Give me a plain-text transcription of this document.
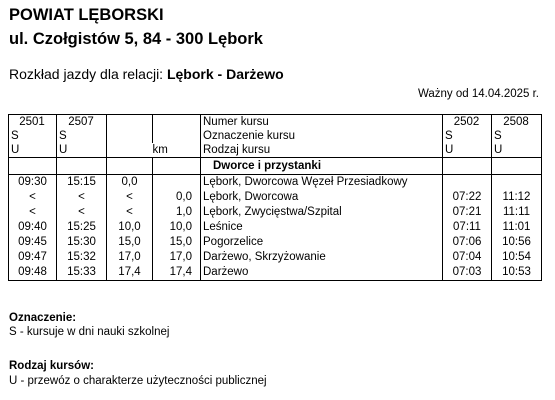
POWIAT LĘBORSKI
ul. Czołgistów 5, 84 - 300 Lębork
Rozkład jazdy dla relacji: Lębork - Darżewo
Ważny od 14.04.2025 r.
2501	2507			Numer kursu	2502	2508
S	S			Oznaczenie kursu	S	S
U	U		km	Rodzaj kursu	U	U
				Dworce i przystanki		
09:30	15:15	0,0		Lębork, Dworcowa Węzeł Przesiadkowy		
<	<	<	0,0	Lębork, Dworcowa	07:22	11:12
<	<	<	1,0	Lębork, Zwycięstwa/Szpital	07:21	11:11
09:40	15:25	10,0	10,0	Leśnice	07:11	11:01
09:45	15:30	15,0	15,0	Pogorzelice	07:06	10:56
09:47	15:32	17,0	17,0	Darżewo, Skrzyżowanie	07:04	10:54
09:48	15:33	17,4	17,4	Darżewo	07:03	10:53
Oznaczenie:
S - kursuje w dni nauki szkolnej
Rodzaj kursów:
U - przewóz o charakterze użyteczności publicznej
